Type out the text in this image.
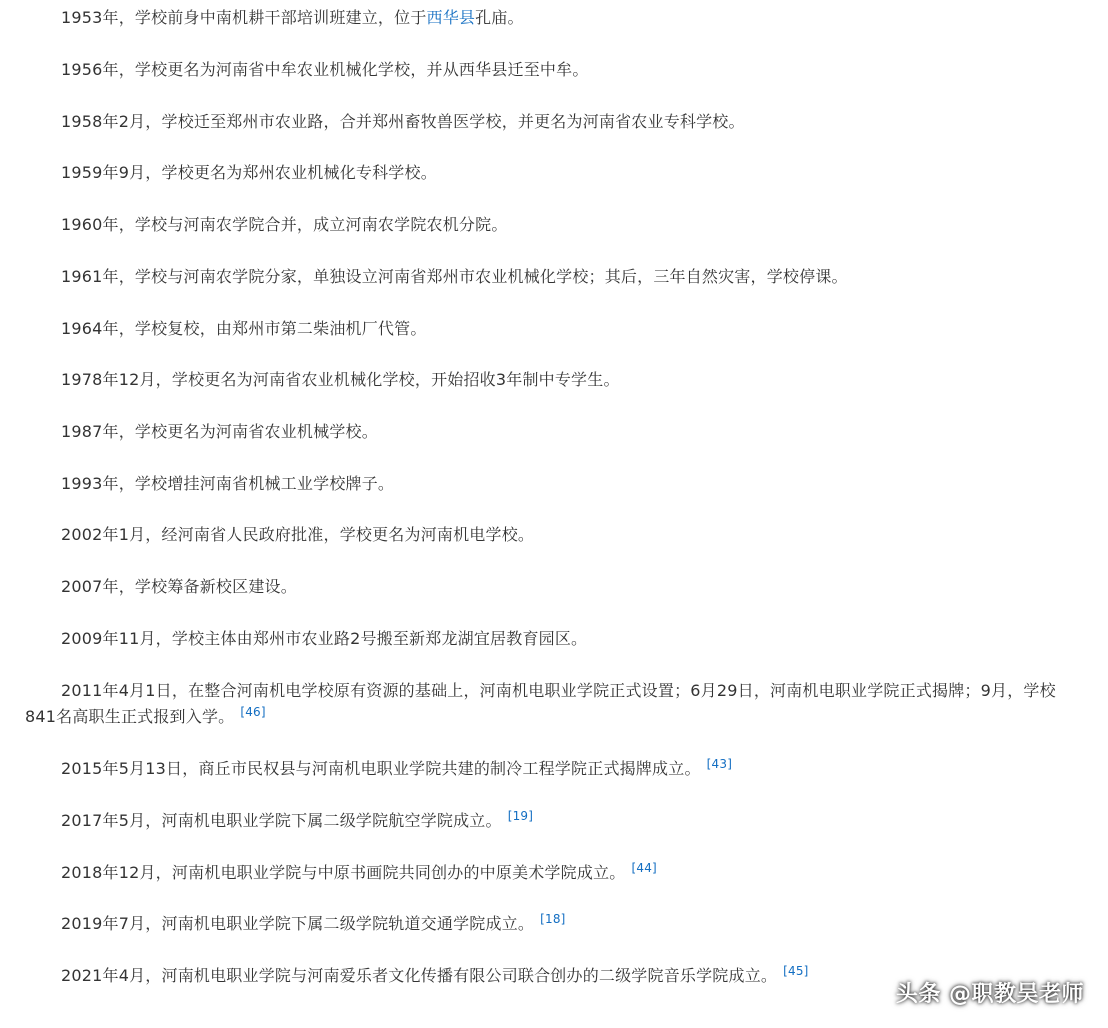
1953年，学校前身中南机耕干部培训班建立，位于西华县孔庙。

1956年，学校更名为河南省中牟农业机械化学校，并从西华县迁至中牟。

1958年2月，学校迁至郑州市农业路，合并郑州畜牧兽医学校，并更名为河南省农业专科学校。

1959年9月，学校更名为郑州农业机械化专科学校。

1960年，学校与河南农学院合并，成立河南农学院农机分院。

1961年，学校与河南农学院分家，单独设立河南省郑州市农业机械化学校；其后，三年自然灾害，学校停课。

1964年，学校复校，由郑州市第二柴油机厂代管。

1978年12月，学校更名为河南省农业机械化学校，开始招收3年制中专学生。

1987年，学校更名为河南省农业机械学校。

1993年，学校增挂河南省机械工业学校牌子。

2002年1月，经河南省人民政府批准，学校更名为河南机电学校。

2007年，学校筹备新校区建设。

2009年11月，学校主体由郑州市农业路2号搬至新郑龙湖宜居教育园区。

2011年4月1日，在整合河南机电学校原有资源的基础上，河南机电职业学院正式设置；6月29日，河南机电职业学院正式揭牌；9月，学校841名高职生正式报到入学。 [46]

2015年5月13日，商丘市民权县与河南机电职业学院共建的制冷工程学院正式揭牌成立。 [43]

2017年5月，河南机电职业学院下属二级学院航空学院成立。 [19]

2018年12月，河南机电职业学院与中原书画院共同创办的中原美术学院成立。 [44]

2019年7月，河南机电职业学院下属二级学院轨道交通学院成立。 [18]

2021年4月，河南机电职业学院与河南爱乐者文化传播有限公司联合创办的二级学院音乐学院成立。 [45]

头条 @职教吴老师
